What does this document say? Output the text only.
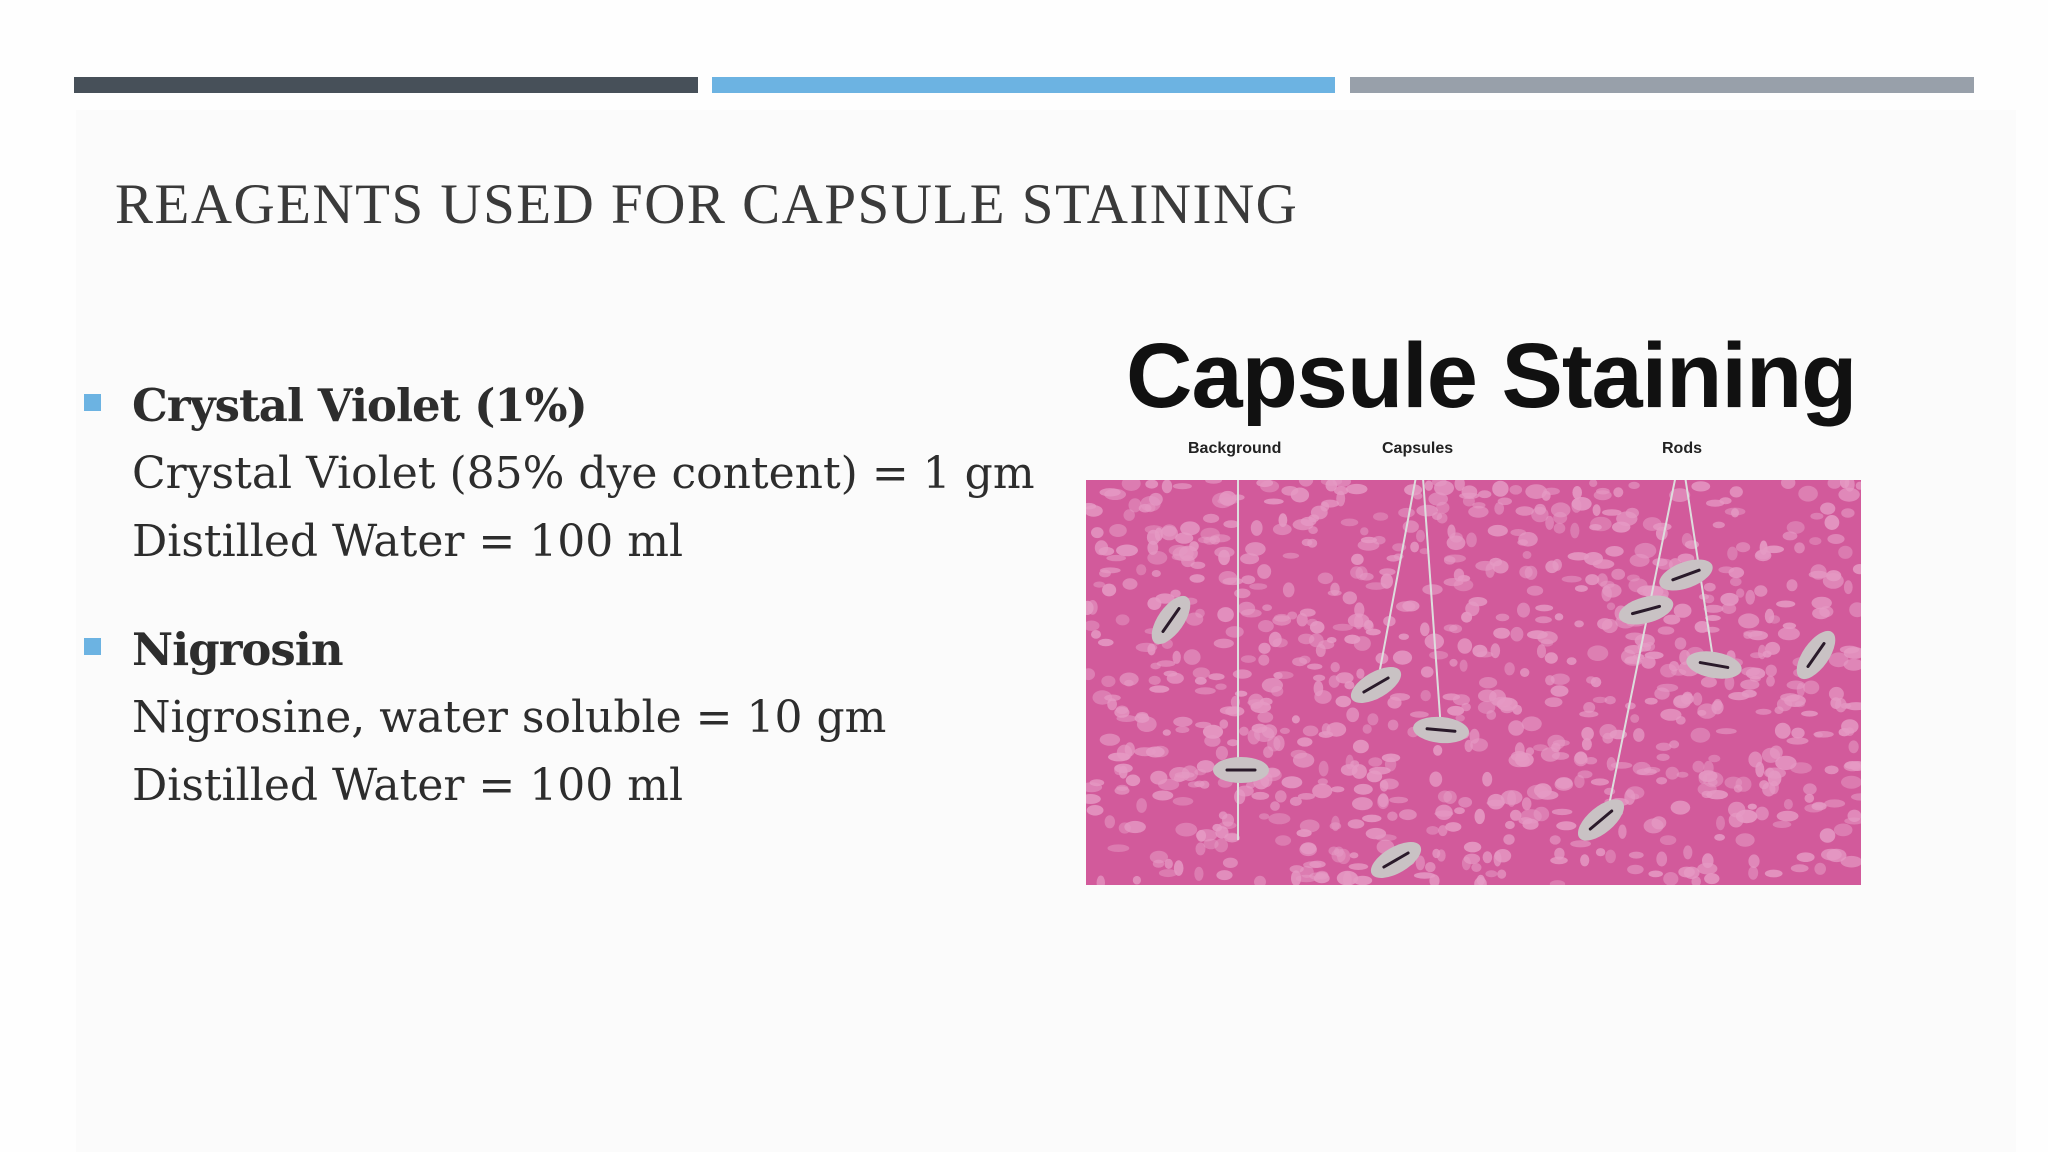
REAGENTS USED FOR CAPSULE STAINING
Crystal Violet (1%)
Crystal Violet (85% dye content) = 1 gm
Distilled Water = 100 ml
Nigrosin
Nigrosine, water soluble = 10 gm
Distilled Water = 100 ml
Capsule Staining
Background	Capsules	Rods
